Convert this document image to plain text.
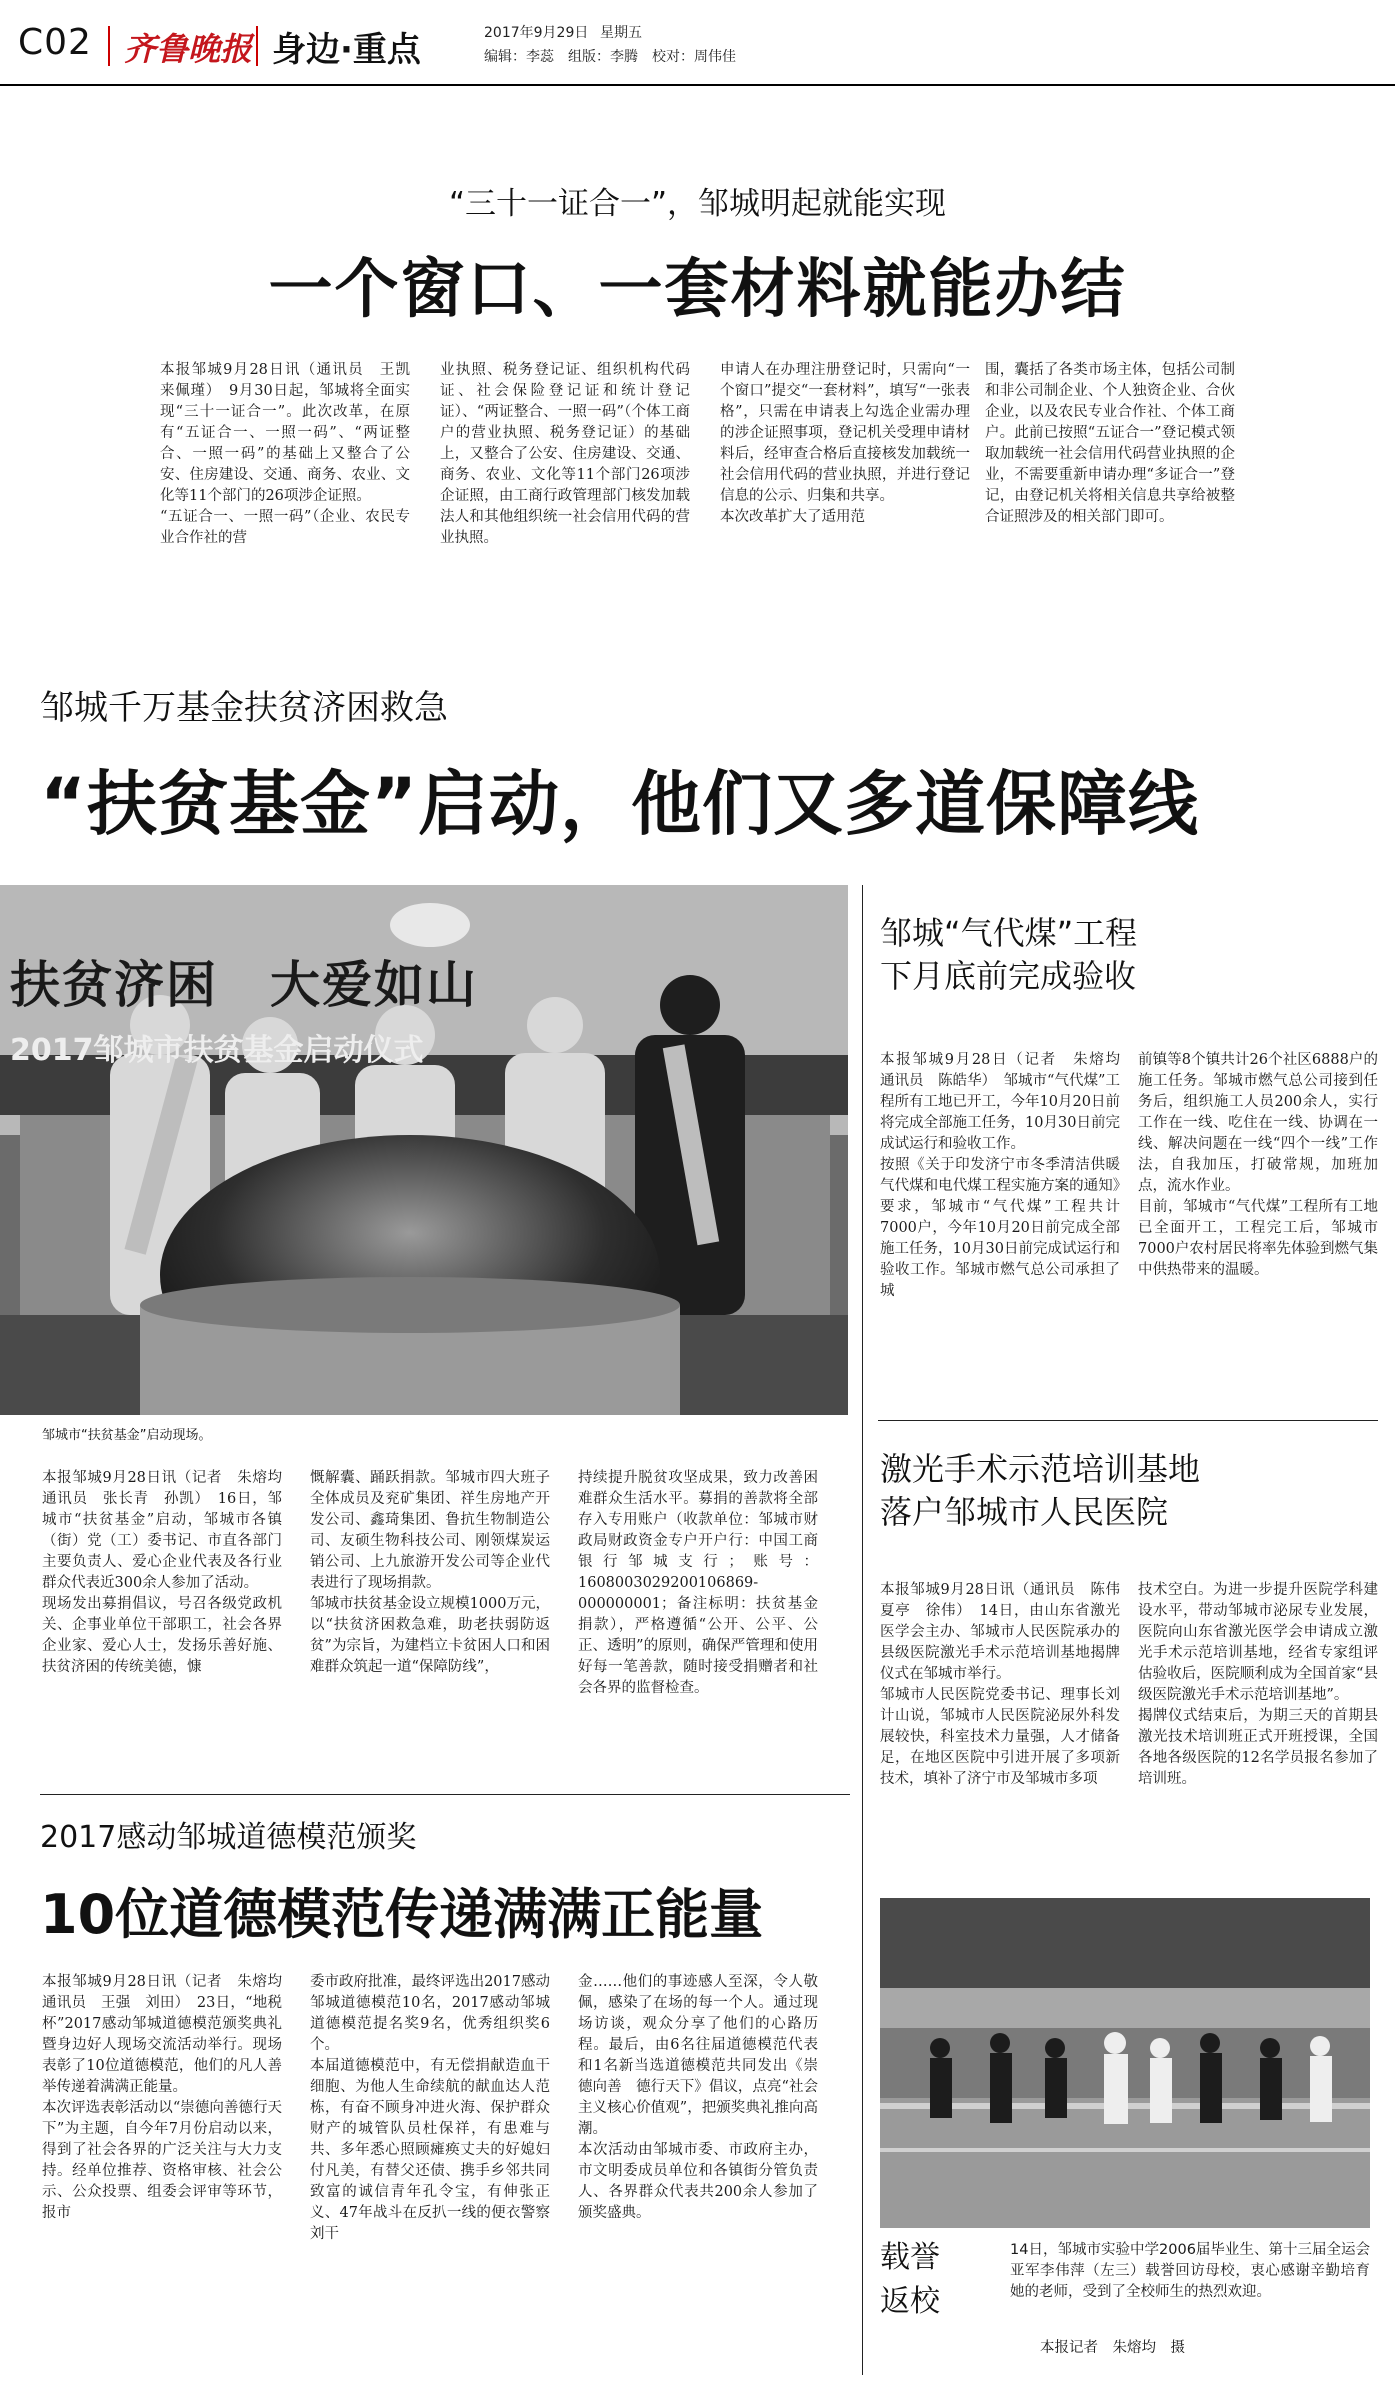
C02 齐鲁晚报 身边·重点	2017年9月29日 星期五
编辑：李蕊　组版：李腾　校对：周伟佳
“三十一证合一”，邹城明起就能实现
一个窗口、一套材料就能办结
本报邹城9月28日讯（通讯员　王凯　来佩瑾）　9月30日起，邹城将全面实现“三十一证合一”。此次改革，在原有“五证合一、一照一码”、“两证整合、一照一码”的基础上又整合了公安、住房建设、交通、商务、农业、文化等11个部门的26项涉企证照。
“五证合一、一照一码”（企业、农民专业合作社的营
业执照、税务登记证、组织机构代码证、社会保险登记证和统计登记证）、“两证整合、一照一码”（个体工商户的营业执照、税务登记证）的基础上，又整合了公安、住房建设、交通、商务、农业、文化等11个部门26项涉企证照，由工商行政管理部门核发加载法人和其他组织统一社会信用代码的营业执照。
申请人在办理注册登记时，只需向“一个窗口”提交“一套材料”，填写“一张表格”，只需在申请表上勾选企业需办理的涉企证照事项，登记机关受理申请材料后，经审查合格后直接核发加载统一社会信用代码的营业执照，并进行登记信息的公示、归集和共享。
本次改革扩大了适用范
围，囊括了各类市场主体，包括公司制和非公司制企业、个人独资企业、合伙企业，以及农民专业合作社、个体工商户。此前已按照“五证合一”登记模式领取加载统一社会信用代码营业执照的企业，不需要重新申请办理“多证合一”登记，由登记机关将相关信息共享给被整合证照涉及的相关部门即可。
邹城千万基金扶贫济困救急
“扶贫基金”启动，他们又多道保障线
扶贫济困　大爱如山
2017邹城市扶贫基金启动仪式
邹城市“扶贫基金”启动现场。
本报邹城9月28日讯（记者　朱熔均　通讯员　张长青　孙凯）　16日，邹城市“扶贫基金”启动，邹城市各镇（街）党（工）委书记、市直各部门主要负责人、爱心企业代表及各行业群众代表近300余人参加了活动。
现场发出募捐倡议，号召各级党政机关、企事业单位干部职工，社会各界企业家、爱心人士，发扬乐善好施、扶贫济困的传统美德，慷
慨解囊、踊跃捐款。邹城市四大班子全体成员及兖矿集团、祥生房地产开发公司、鑫琦集团、鲁抗生物制造公司、友硕生物科技公司、刚领煤炭运销公司、上九旅游开发公司等企业代表进行了现场捐款。
邹城市扶贫基金设立规模1000万元，以“扶贫济困救急难，助老扶弱防返贫”为宗旨，为建档立卡贫困人口和困难群众筑起一道“保障防线”，
持续提升脱贫攻坚成果，致力改善困难群众生活水平。募捐的善款将全部存入专用账户（收款单位：邹城市财政局财政资金专户开户行：中国工商银行邹城支行；账号：1608003029200106869-000000001；备注标明：扶贫基金捐款），严格遵循“公开、公平、公正、透明”的原则，确保严管理和使用好每一笔善款，随时接受捐赠者和社会各界的监督检查。
邹城“气代煤”工程
下月底前完成验收
本报邹城9月28日（记者　朱熔均　通讯员　陈皓华）　邹城市“气代煤”工程所有工地已开工，今年10月20日前将完成全部施工任务，10月30日前完成试运行和验收工作。
按照《关于印发济宁市冬季清洁供暖气代煤和电代煤工程实施方案的通知》要求，邹城市“气代煤”工程共计7000户，今年10月20日前完成全部施工任务，10月30日前完成试运行和验收工作。邹城市燃气总公司承担了城
前镇等8个镇共计26个社区6888户的施工任务。邹城市燃气总公司接到任务后，组织施工人员200余人，实行工作在一线、吃住在一线、协调在一线、解决问题在一线“四个一线”工作法，自我加压，打破常规，加班加点，流水作业。
目前，邹城市“气代煤”工程所有工地已全面开工，工程完工后，邹城市7000户农村居民将率先体验到燃气集中供热带来的温暖。
激光手术示范培训基地
落户邹城市人民医院
本报邹城9月28日讯（通讯员　陈伟　夏亭　徐伟）　14日，由山东省激光医学会主办、邹城市人民医院承办的县级医院激光手术示范培训基地揭牌仪式在邹城市举行。
邹城市人民医院党委书记、理事长刘计山说，邹城市人民医院泌尿外科发展较快，科室技术力量强，人才储备足，在地区医院中引进开展了多项新技术，填补了济宁市及邹城市多项
技术空白。为进一步提升医院学科建设水平，带动邹城市泌尿专业发展，医院向山东省激光医学会申请成立激光手术示范培训基地，经省专家组评估验收后，医院顺利成为全国首家“县级医院激光手术示范培训基地”。
揭牌仪式结束后，为期三天的首期县激光技术培训班正式开班授课，全国各地各级医院的12名学员报名参加了培训班。
2017感动邹城道德模范颁奖
10位道德模范传递满满正能量
本报邹城9月28日讯（记者　朱熔均　通讯员　王强　刘田）　23日，“地税杯”2017感动邹城道德模范颁奖典礼暨身边好人现场交流活动举行。现场表彰了10位道德模范，他们的凡人善举传递着满满正能量。
本次评选表彰活动以“崇德向善德行天下”为主题，自今年7月份启动以来，得到了社会各界的广泛关注与大力支持。经单位推荐、资格审核、社会公示、公众投票、组委会评审等环节，报市
委市政府批准，最终评选出2017感动邹城道德模范10名，2017感动邹城道德模范提名奖9名，优秀组织奖6个。
本届道德模范中，有无偿捐献造血干细胞、为他人生命续航的献血达人范栋，有奋不顾身冲进火海、保护群众财产的城管队员杜保祥，有患难与共、多年悉心照顾瘫痪丈夫的好媳妇付凡美，有替父还债、携手乡邻共同致富的诚信青年孔令宝，有伸张正义、47年战斗在反扒一线的便衣警察刘干
金……他们的事迹感人至深，令人敬佩，感染了在场的每一个人。通过现场访谈，观众分享了他们的心路历程。最后，由6名往届道德模范代表和1名新当选道德模范共同发出《崇德向善　德行天下》倡议，点亮“社会主义核心价值观”，把颁奖典礼推向高潮。
本次活动由邹城市委、市政府主办，市文明委成员单位和各镇街分管负责人、各界群众代表共200余人参加了颁奖盛典。
载誉
返校
14日，邹城市实验中学2006届毕业生、第十三届全运会亚军李伟萍（左三）载誉回访母校，衷心感谢辛勤培育她的老师，受到了全校师生的热烈欢迎。
本报记者　朱熔均　摄
